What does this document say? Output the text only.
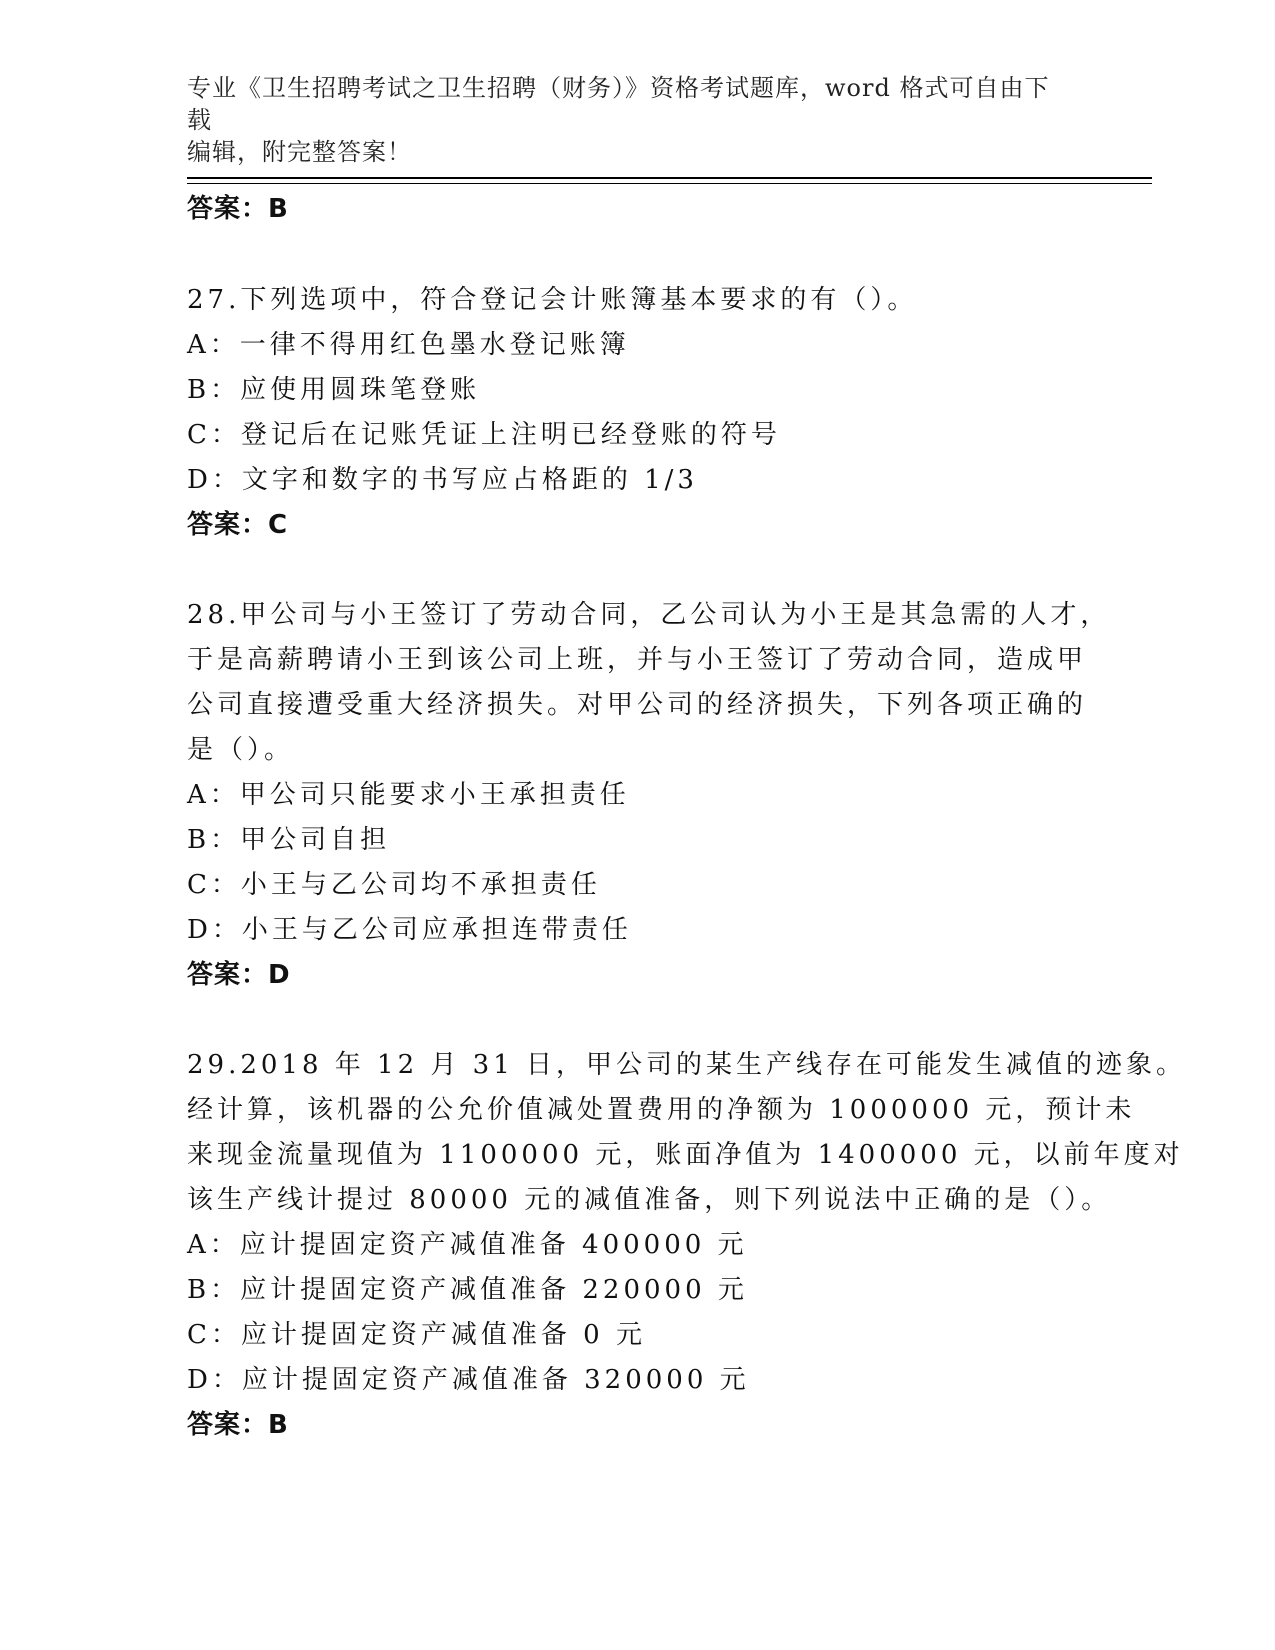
专业《卫生招聘考试之卫生招聘（财务）》资格考试题库，word 格式可自由下载
编辑，附完整答案！
答案：B
27.下列选项中，符合登记会计账簿基本要求的有（）。
A：一律不得用红色墨水登记账簿
B：应使用圆珠笔登账
C：登记后在记账凭证上注明已经登账的符号
D：文字和数字的书写应占格距的 1/3
答案：C
28.甲公司与小王签订了劳动合同，乙公司认为小王是其急需的人才，
于是高薪聘请小王到该公司上班，并与小王签订了劳动合同，造成甲
公司直接遭受重大经济损失。对甲公司的经济损失，下列各项正确的
是（）。
A：甲公司只能要求小王承担责任
B：甲公司自担
C：小王与乙公司均不承担责任
D：小王与乙公司应承担连带责任
答案：D
29.2018 年 12 月 31 日，甲公司的某生产线存在可能发生减值的迹象。
经计算，该机器的公允价值减处置费用的净额为 1000000 元，预计未
来现金流量现值为 1100000 元，账面净值为 1400000 元，以前年度对
该生产线计提过 80000 元的减值准备，则下列说法中正确的是（）。
A：应计提固定资产减值准备 400000 元
B：应计提固定资产减值准备 220000 元
C：应计提固定资产减值准备 0 元
D：应计提固定资产减值准备 320000 元
答案：B
